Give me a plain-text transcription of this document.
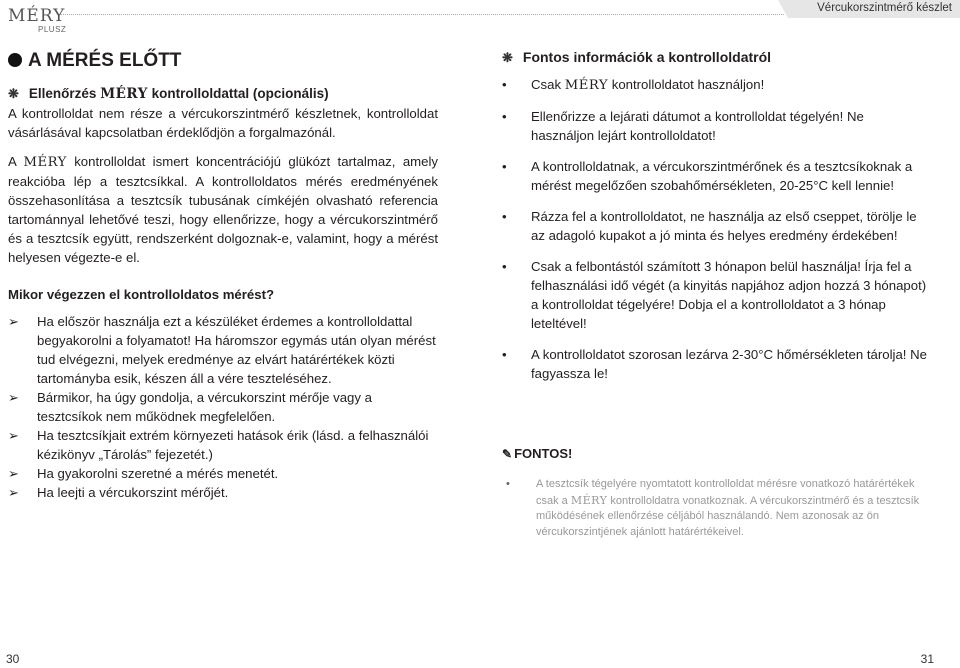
MÉRY
PLUSZ
Vércukorszintmérő készlet
A MÉRÉS ELŐTT
❋ Ellenőrzés MÉRY kontrolloldattal (opcionális)

A kontrolloldat nem része a vércukorszintmérő készletnek, kontrolloldat vásárlásával kapcsolatban érdeklődjön a forgalmazónál.

A MÉRY kontrolloldat ismert koncentrációjú glükózt tartalmaz, amely reakcióba lép a tesztcsíkkal. A kontrolloldatos mérés eredményének összehasonlítása a tesztcsík tubusának címkéjén olvasható referencia tartománnyal lehetővé teszi, hogy ellenőrizze, hogy a vércukorszintmérő és a tesztcsík együtt, rendszerként dolgoznak-e, valamint, hogy a mérést helyesen végezte-e el.

Mikor végezzen el kontrolloldatos mérést?

➢ Ha először használja ezt a készüléket érdemes a kontrolloldattal begyakorolni a folyamatot! Ha háromszor egymás után olyan mérést tud elvégezni, melyek eredménye az elvárt határértékek közti tartományba esik, készen áll a vére teszteléséhez.
➢ Bármikor, ha úgy gondolja, a vércukorszint mérője vagy a tesztcsíkok nem működnek megfelelően.
➢ Ha tesztcsíkjait extrém környezeti hatások érik (lásd. a felhasználói kézikönyv „Tárolás” fejezetét.)
➢ Ha gyakorolni szeretné a mérés menetét.
➢ Ha leejti a vércukorszint mérőjét.
❋ Fontos információk a kontrolloldatról
• Csak MÉRY kontrolloldatot használjon!
• Ellenőrizze a lejárati dátumot a kontrolloldat tégelyén! Ne használjon lejárt kontrolloldatot!
• A kontrolloldatnak, a vércukorszintmérőnek és a tesztcsíkoknak a mérést megelőzően szobahőmérsékleten, 20-25°C kell lennie!
• Rázza fel a kontrolloldatot, ne használja az első cseppet, törölje le az adagoló kupakot a jó minta és helyes eredmény érdekében!
• Csak a felbontástól számított 3 hónapon belül használja! Írja fel a felhasználási idő végét (a kinyitás napjához adjon hozzá 3 hónapot) a kontrolloldat tégelyére! Dobja el a kontrolloldatot a 3 hónap leteltével!
• A kontrolloldatot szorosan lezárva 2-30°C hőmérsékleten tárolja! Ne fagyassza le!
✎ FONTOS!
• A tesztcsík tégelyére nyomtatott kontrolloldat mérésre vonatkozó határértékek csak a MÉRY kontrolloldatra vonatkoznak. A vércukorszintmérő és a tesztcsík működésének ellenőrzése céljából használandó. Nem azonosak az ön vércukorszintjének ajánlott határértékeivel.
30	31
